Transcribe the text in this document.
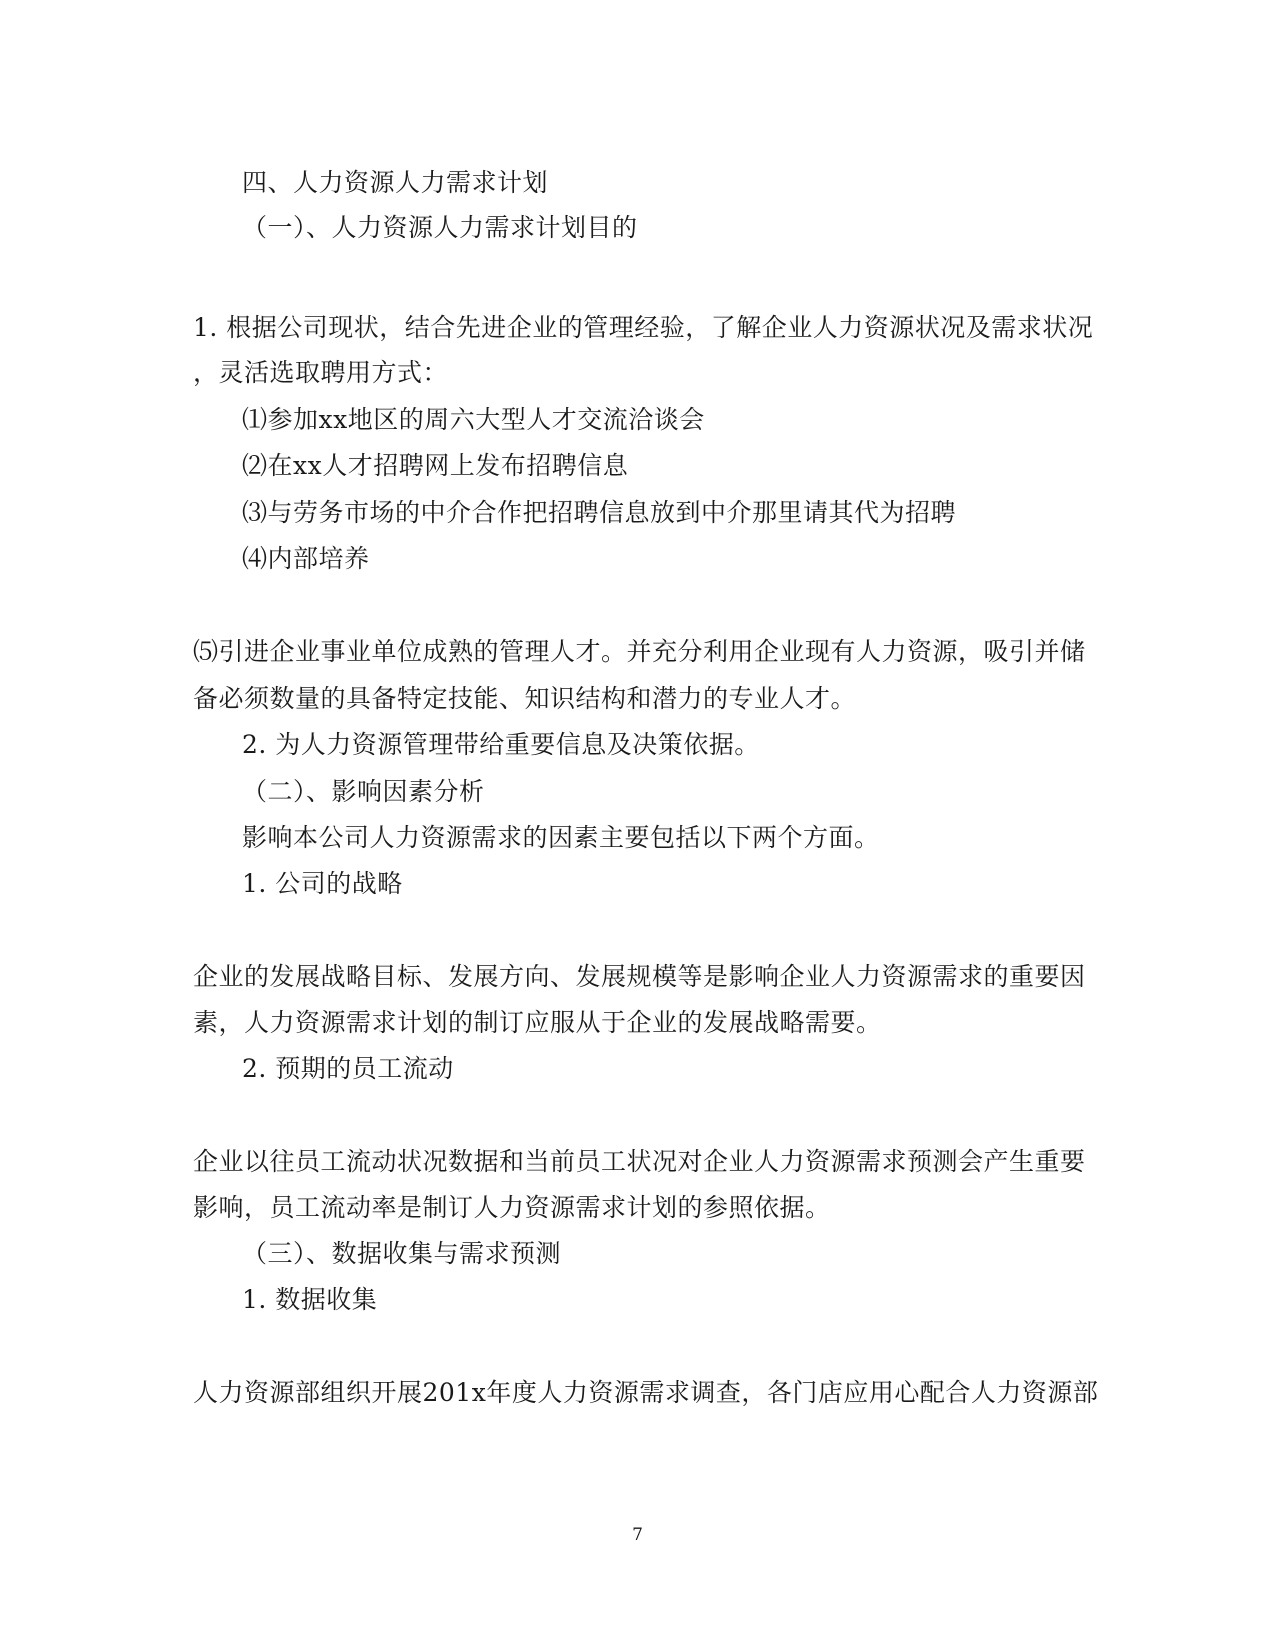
四、人力资源人力需求计划
（一）、人力资源人力需求计划目的
1. 根据公司现状，结合先进企业的管理经验，了解企业人力资源状况及需求状况
，灵活选取聘用方式：
⑴参加xx地区的周六大型人才交流洽谈会
⑵在xx人才招聘网上发布招聘信息
⑶与劳务市场的中介合作把招聘信息放到中介那里请其代为招聘
⑷内部培养
⑸引进企业事业单位成熟的管理人才。并充分利用企业现有人力资源，吸引并储
备必须数量的具备特定技能、知识结构和潜力的专业人才。
2. 为人力资源管理带给重要信息及决策依据。
（二）、影响因素分析
影响本公司人力资源需求的因素主要包括以下两个方面。
1. 公司的战略
企业的发展战略目标、发展方向、发展规模等是影响企业人力资源需求的重要因
素，人力资源需求计划的制订应服从于企业的发展战略需要。
2. 预期的员工流动
企业以往员工流动状况数据和当前员工状况对企业人力资源需求预测会产生重要
影响，员工流动率是制订人力资源需求计划的参照依据。
（三）、数据收集与需求预测
1. 数据收集
人力资源部组织开展201x年度人力资源需求调查，各门店应用心配合人力资源部
7
